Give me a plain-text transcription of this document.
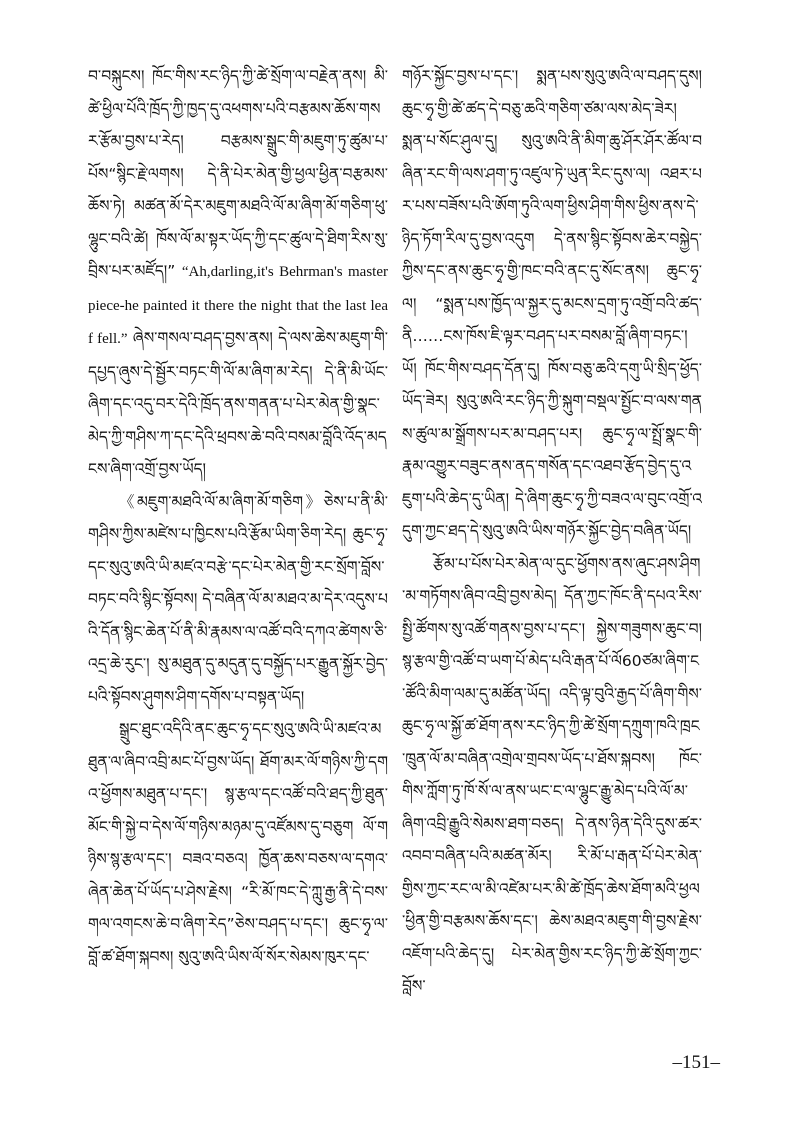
བ་བསྐུངས། ཁོང་གིས་རང་ཉིད་ཀྱི་ཚེ་སྲོག་ལ་བརྗེན་ནས། མི་ཚེ་ཕྱིལ་པོའི་ཁྲོད་ཀྱི་ཁྱད་དུ་འཕགས་པའི་བརྩམས་ཆོས་གསར་རྩོམ་བྱས་པ་རེད། བརྩམས་སྒྲུང་གི་མཇུག་ཏུ་ཚུམ་པ་པོས“སྙིང་རྗེ་ལགས། དེ་ནི་པེར་མེན་གྱི་ཕྱལ་ཕྱིན་བརྩམས་ཆོས་ཏེ། མཚན་མོ་དེར་མཇུག་མཐའི་ལོ་མ་ཞིག་མོ་གཅིག་ཕུ་ལྷུང་བའི་ཚེ། ཁོས་ལོ་མ་སྟར་ཡོད་ཀྱི་དང་ཚུལ་དེ་ཐིག་རིས་སུ་བྲིས་པར་མཛོད།” “Ah,darling,it's Behrman's masterpiece-he painted it there the night that the last leaf fell.” ཞེས་གསལ་བཤད་བྱས་ནས། དེ་ལས་ཆེས་མཇུག་གི་དཔྱད་ཞུས་དེ་སྦྱོར་བཏང་གི་ལོ་མ་ཞིག་མ་རེད། དེ་ནི་མི་ཡོང་ཞིག་དང་འདུ་བར་དེའི་ཁྲོད་ནས་གནན་པ་པེར་མེན་གྱི་སྣང་མེད་ཀྱི་གཤིས་ཀ་དང་དེའི་ཕྲབས་ཆེ་བའི་བསམ་བློའི་འོད་མདངས་ཞིག་འགྲོ་བྱས་ཡོད།

《མཇུག་མཐའི་ལོ་མ་ཞིག་མོ་གཅིག》ཅེས་པ་ནི་མི་གཤིས་ཀྱིས་མཛེས་པ་ཁྱིངས་པའི་རྩོམ་ཡིག་ཅིག་རེད། ཆུང་ཧྭ་དང་སུའུ་ཨའི་ཡི་མཛའ་བརྩེ་དང་པེར་མེན་གྱི་རང་སྲོག་བློས་བཏང་བའི་སྙིང་སྟོབས། དེ་བཞིན་ལོ་མ་མཐའ་མ་དེར་འདུས་པའི་དོན་སྙིང་ཆེན་པོ་ནི་མི་རྣམས་ལ་འཚོ་བའི་དཀའ་ཚེགས་ཅི་འདྲ་ཆེ་རུང་། སུ་མཐུན་དུ་མདུན་དུ་བསྐྱོད་པར་རྒྱུན་སྐྱོར་བྱེད་པའི་སྟོབས་ཤུགས་ཤིག་དགོས་པ་བསྟན་ཡོད།

སྒྲུང་ཐུང་འདིའི་ནང་ཆུང་ཧྭ་དང་སུའུ་ཨའི་ཡི་མཛའ་མཐུན་ལ་ཞིབ་འབྲི་མང་པོ་བྱས་ཡོད། ཐོག་མར་ལོ་གཉིས་ཀྱི་དགའ་ཕྱོགས་མཐུན་པ་དང་། སྙ་རྩལ་དང་འཚོ་བའི་ཐད་ཀྱི་ཐུན་མོང་གི་སྐྱེ་བ་དེས་ལོ་གཉིས་མཉམ་དུ་འཛོམས་དུ་བཅུག ལོ་གཉིས་སྙ་རྩལ་དང་། བཟའ་བཅའ། ཁྱོན་ཆས་བཅས་ལ་དགའ་ཞེན་ཆེན་པོ་ཡོད་པ་ཤེས་རྗེས། “རི་མོ་ཁང་དེ་ཀླུ་རྒྱ་ནི་དེ་བས་གལ་འགངས་ཆེ་བ་ཞིག་རེད”ཅེས་བཤད་པ་དང་། ཆུང་ཧྭ་ལ་བློ་ཚ་ཐོག་སྐབས། སུའུ་ཨའི་ཡིས་ལོ་སོར་སེམས་ཁུར་དང་

གཉོར་སྐྱོང་བྱས་པ་དང་། སྨན་པས་སུའུ་ཨའི་ལ་བཤད་དུས། ཆུང་ཧྭ་གྱི་ཚེ་ཚད་དེ་བཅུ་ཆའི་གཅིག་ཙམ་ལས་མེད་ཟེར། སྨན་པ་སོང་ཤུལ་དུ། སུའུ་ཨའི་ནི་མིག་ཆུ་ཤོར་ཤོར་ཚོལ་བཞིན་རང་གི་ལས་ཤག་ཏུ་འཛུལ་ཏེ་ཡུན་རིང་དུས་ལ། འཐར་པར་པས་བཟོས་པའི་ཨོག་ཏུའི་ལག་ཕྱིས་ཤིག་གིས་ཕྱིས་ནས་དེ་ཉིད་ཏོག་རིལ་དུ་བྱས་འདུག དེ་ནས་སྙིང་སྟོབས་ཆེར་བསྐྱེད་ཀྱིས་དང་ནས་ཆུང་ཧྭ་གྱི་ཁང་བའི་ནང་དུ་སོང་ནས། ཆུང་ཧྭ་ལ། “སྨན་པས་ཁྱོད་ལ་སྐྱར་དུ་མངས་དྲག་ཏུ་འགྲོ་བའི་ཚད་ནི……ངས་ཁོས་ཇི་ལྟར་བཤད་པར་བསམ་བློ་ཞིག་བཏང་། ཡོ། ཁོང་གིས་བཤད་དོན་དུ། ཁོས་བཅུ་ཆའི་དགུ་ཡི་སྲིད་ཕྱོད་ཡོད་ཟེར། སུའུ་ཨའི་རང་ཉིད་ཀྱི་སྐུག་བསྡལ་སྤྱོང་བ་ལས་གནས་ཚུལ་མ་སྒྲོགས་པར་མ་བཤད་པར། ཆུང་ཧྭ་ལ་སྤྲོ་སྣང་གི་རྣམ་འགྱུར་བཟུང་ནས་ནད་གསོན་དང་འཐབ་རྩོད་བྱེད་དུ་འཇུག་པའི་ཆེད་དུ་ཡིན། དེ་ཞིག་ཆུང་ཧྭ་ཀྱི་བཟའ་ལ་བུང་འགྲོ་འདུག་ཀྱང་ཐད་དེ་སུའུ་ཨའི་ཡིས་གཉོར་སྐྱོང་བྱེད་བཞིན་ཡོད།

རྩོམ་པ་པོས་པེར་མེན་ལ་དུང་ཕྱོགས་ནས་ཞུང་ཤས་ཤིག་མ་གཏོགས་ཞིབ་འབྲི་བྱས་མེད། དོན་ཀྱང་ཁོང་ནི་དཔའ་རིས་སྤྱི་ཚོགས་སུ་འཚོ་གནས་བྱས་པ་དང་། སྐྱེས་གཟུགས་ཆུང་བ། སྙ་རྩལ་གྱི་འཚོ་བ་ཡག་པོ་མེད་པའི་རྒན་པོ་ལོ60ཙམ་ཞིག་ང་ཚོའི་མིག་ལམ་དུ་མཚོན་ཡོད། འདི་ལྟ་བུའི་རྒྱད་པོ་ཞིག་གིས་ཆུང་ཧྭ་ལ་སྐྱོ་ཚ་ཐོག་ནས་རང་ཉིད་ཀྱི་ཚེ་སྲོག་དཀྲུག་ཁའི་ཁྲང་ཁྲུན་ལོ་མ་བཞིན་འགྲེལ་གྲབས་ཡོད་པ་ཐོས་སྐབས། ཁོང་གིས་ཀློག་ཏུ་ཁོ་སོ་ལ་ནས་ཡང་ང་ལ་ལྷུང་རྒྱུ་མེད་པའི་ལོ་མ་ཞིག་འབྲི་རྒྱུའི་སེམས་ཐག་བཅད། དེ་ནས་ཉིན་དེའི་དུས་ཚར་འབབ་བཞིན་པའི་མཚན་མོར། རི་མོ་པ་རྒན་པོ་པེར་མེན་གྱིས་ཀྱང་རང་ལ་མི་འཛེམ་པར་མི་ཚེ་ཁྲོད་ཆེས་ཐོག་མའི་ཕྱལ་ཕྱིན་གྱི་བརྩམས་ཆོས་དང་། ཆེས་མཐའ་མཇུག་གི་བྱས་རྗེས་འཇོག་པའི་ཆེད་དུ། པེར་མེན་གྱིས་རང་ཉིད་ཀྱི་ཚེ་སྲོག་ཀྱང་བློས་

–151–
